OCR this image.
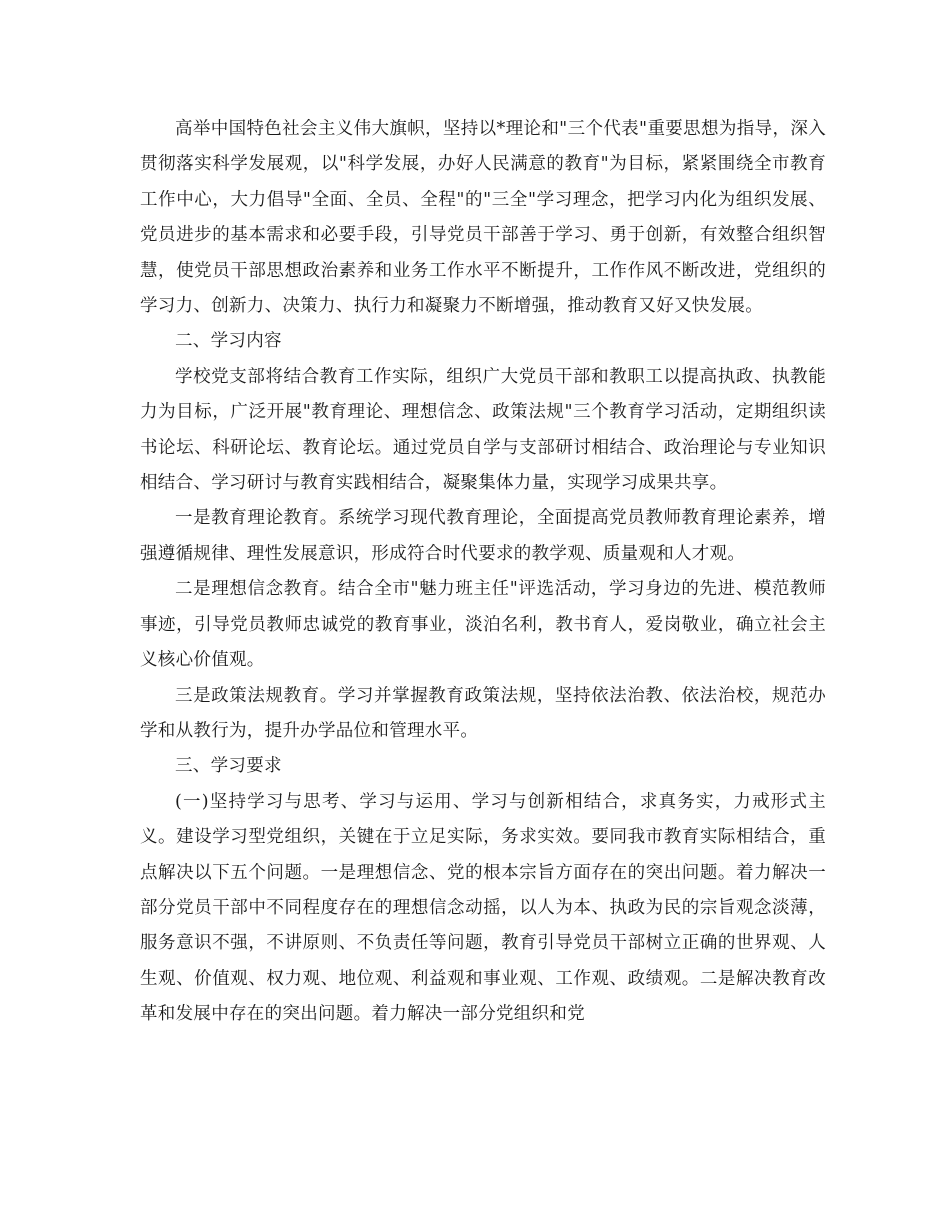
高举中国特色社会主义伟大旗帜，坚持以*理论和"三个代表"重要思想为指导，深入贯彻落实科学发展观，以"科学发展，办好人民满意的教育"为目标，紧紧围绕全市教育工作中心，大力倡导"全面、全员、全程"的"三全"学习理念，把学习内化为组织发展、党员进步的基本需求和必要手段，引导党员干部善于学习、勇于创新，有效整合组织智慧，使党员干部思想政治素养和业务工作水平不断提升，工作作风不断改进，党组织的学习力、创新力、决策力、执行力和凝聚力不断增强，推动教育又好又快发展。

二、学习内容

学校党支部将结合教育工作实际，组织广大党员干部和教职工以提高执政、执教能力为目标，广泛开展"教育理论、理想信念、政策法规"三个教育学习活动，定期组织读书论坛、科研论坛、教育论坛。通过党员自学与支部研讨相结合、政治理论与专业知识相结合、学习研讨与教育实践相结合，凝聚集体力量，实现学习成果共享。

一是教育理论教育。系统学习现代教育理论，全面提高党员教师教育理论素养，增强遵循规律、理性发展意识，形成符合时代要求的教学观、质量观和人才观。

二是理想信念教育。结合全市"魅力班主任"评选活动，学习身边的先进、模范教师事迹，引导党员教师忠诚党的教育事业，淡泊名利，教书育人，爱岗敬业，确立社会主义核心价值观。

三是政策法规教育。学习并掌握教育政策法规，坚持依法治教、依法治校，规范办学和从教行为，提升办学品位和管理水平。

三、学习要求

(一)坚持学习与思考、学习与运用、学习与创新相结合，求真务实，力戒形式主义。建设学习型党组织，关键在于立足实际，务求实效。要同我市教育实际相结合，重点解决以下五个问题。一是理想信念、党的根本宗旨方面存在的突出问题。着力解决一部分党员干部中不同程度存在的理想信念动摇，以人为本、执政为民的宗旨观念淡薄，服务意识不强，不讲原则、不负责任等问题，教育引导党员干部树立正确的世界观、人生观、价值观、权力观、地位观、利益观和事业观、工作观、政绩观。二是解决教育改革和发展中存在的突出问题。着力解决一部分党组织和党
